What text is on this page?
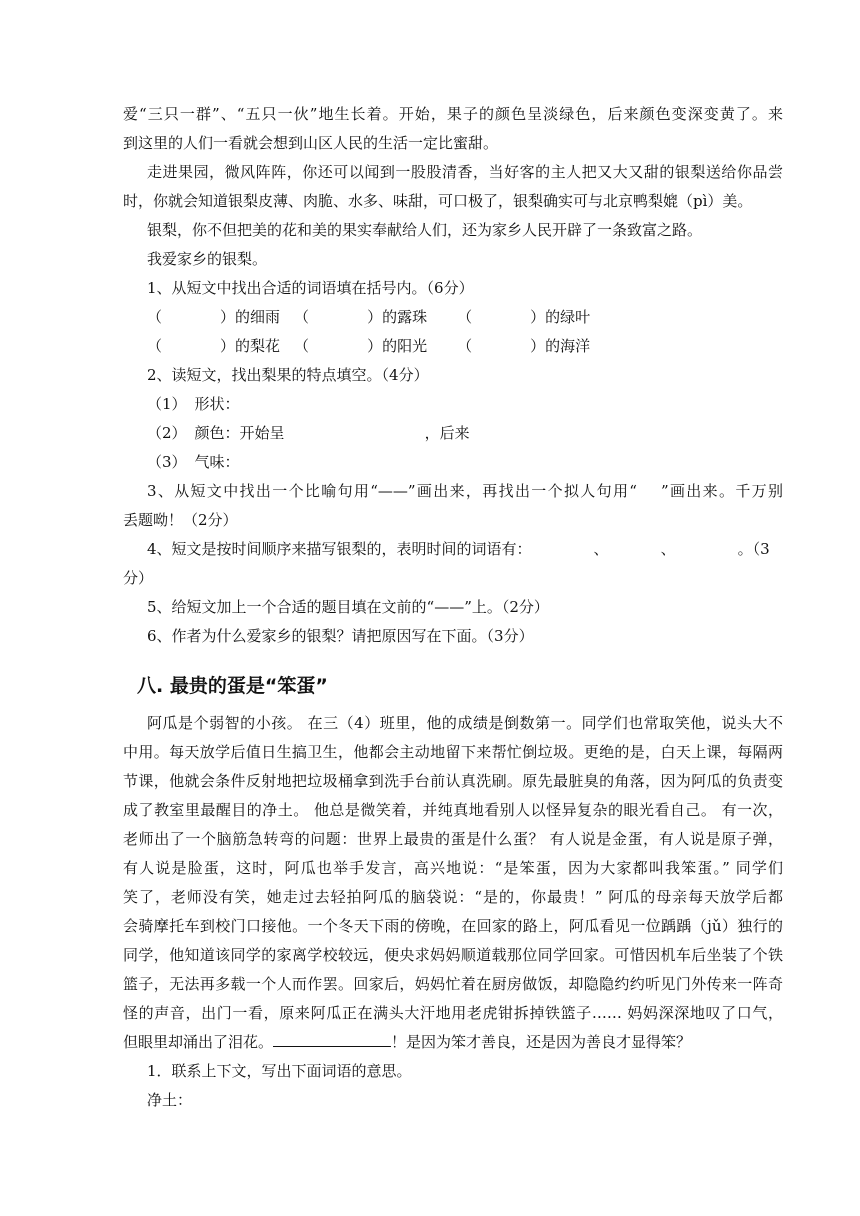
爱“三只一群”、“五只一伙”地生长着。开始，果子的颜色呈淡绿色，后来颜色变深变黄了。来
到这里的人们一看就会想到山区人民的生活一定比蜜甜。
走进果园，微风阵阵，你还可以闻到一股股清香，当好客的主人把又大又甜的银梨送给你品尝
时，你就会知道银梨皮薄、肉脆、水多、味甜，可口极了，银梨确实可与北京鸭梨媲（pì）美。
银梨，你不但把美的花和美的果实奉献给人们，还为家乡人民开辟了一条致富之路。
我爱家乡的银梨。
1、从短文中找出合适的词语填在括号内。（6分）
（	）的细雨 （	）的露珠 （	）的绿叶
（	）的梨花 （	）的阳光 （	）的海洋
2、读短文，找出梨果的特点填空。（4分）
（1） 形状：
（2） 颜色：开始呈	，后来
（3） 气味：
3、从短文中找出一个比喻句用“——”画出来，再找出一个拟人句用“ ”画出来。千万别
丢题呦！（2分）
4、短文是按时间顺序来描写银梨的，表明时间的词语有：	、	、	。（3
分）
5、给短文加上一个合适的题目填在文前的“——”上。（2分）
6、作者为什么爱家乡的银梨？请把原因写在下面。（3分）
八. 最贵的蛋是“笨蛋”
阿瓜是个弱智的小孩。 在三（4）班里，他的成绩是倒数第一。同学们也常取笑他，说头大不
中用。每天放学后值日生搞卫生，他都会主动地留下来帮忙倒垃圾。更绝的是，白天上课，每隔两
节课，他就会条件反射地把垃圾桶拿到洗手台前认真洗刷。原先最脏臭的角落，因为阿瓜的负责变
成了教室里最醒目的净土。 他总是微笑着，并纯真地看别人以怪异复杂的眼光看自己。 有一次，
老师出了一个脑筋急转弯的问题：世界上最贵的蛋是什么蛋？ 有人说是金蛋，有人说是原子弹，
有人说是脸蛋，这时，阿瓜也举手发言，高兴地说：“是笨蛋，因为大家都叫我笨蛋。” 同学们
笑了，老师没有笑，她走过去轻拍阿瓜的脑袋说：“是的，你最贵！” 阿瓜的母亲每天放学后都
会骑摩托车到校门口接他。一个冬天下雨的傍晚，在回家的路上，阿瓜看见一位踽踽（jǔ）独行的
同学，他知道该同学的家离学校较远，便央求妈妈顺道载那位同学回家。可惜因机车后坐装了个铁
篮子，无法再多载一个人而作罢。回家后，妈妈忙着在厨房做饭，却隐隐约约听见门外传来一阵奇
怪的声音，出门一看，原来阿瓜正在满头大汗地用老虎钳拆掉铁篮子…… 妈妈深深地叹了口气，
但眼里却涌出了泪花。	！是因为笨才善良，还是因为善良才显得笨？
1．联系上下文，写出下面词语的意思。
净土：
